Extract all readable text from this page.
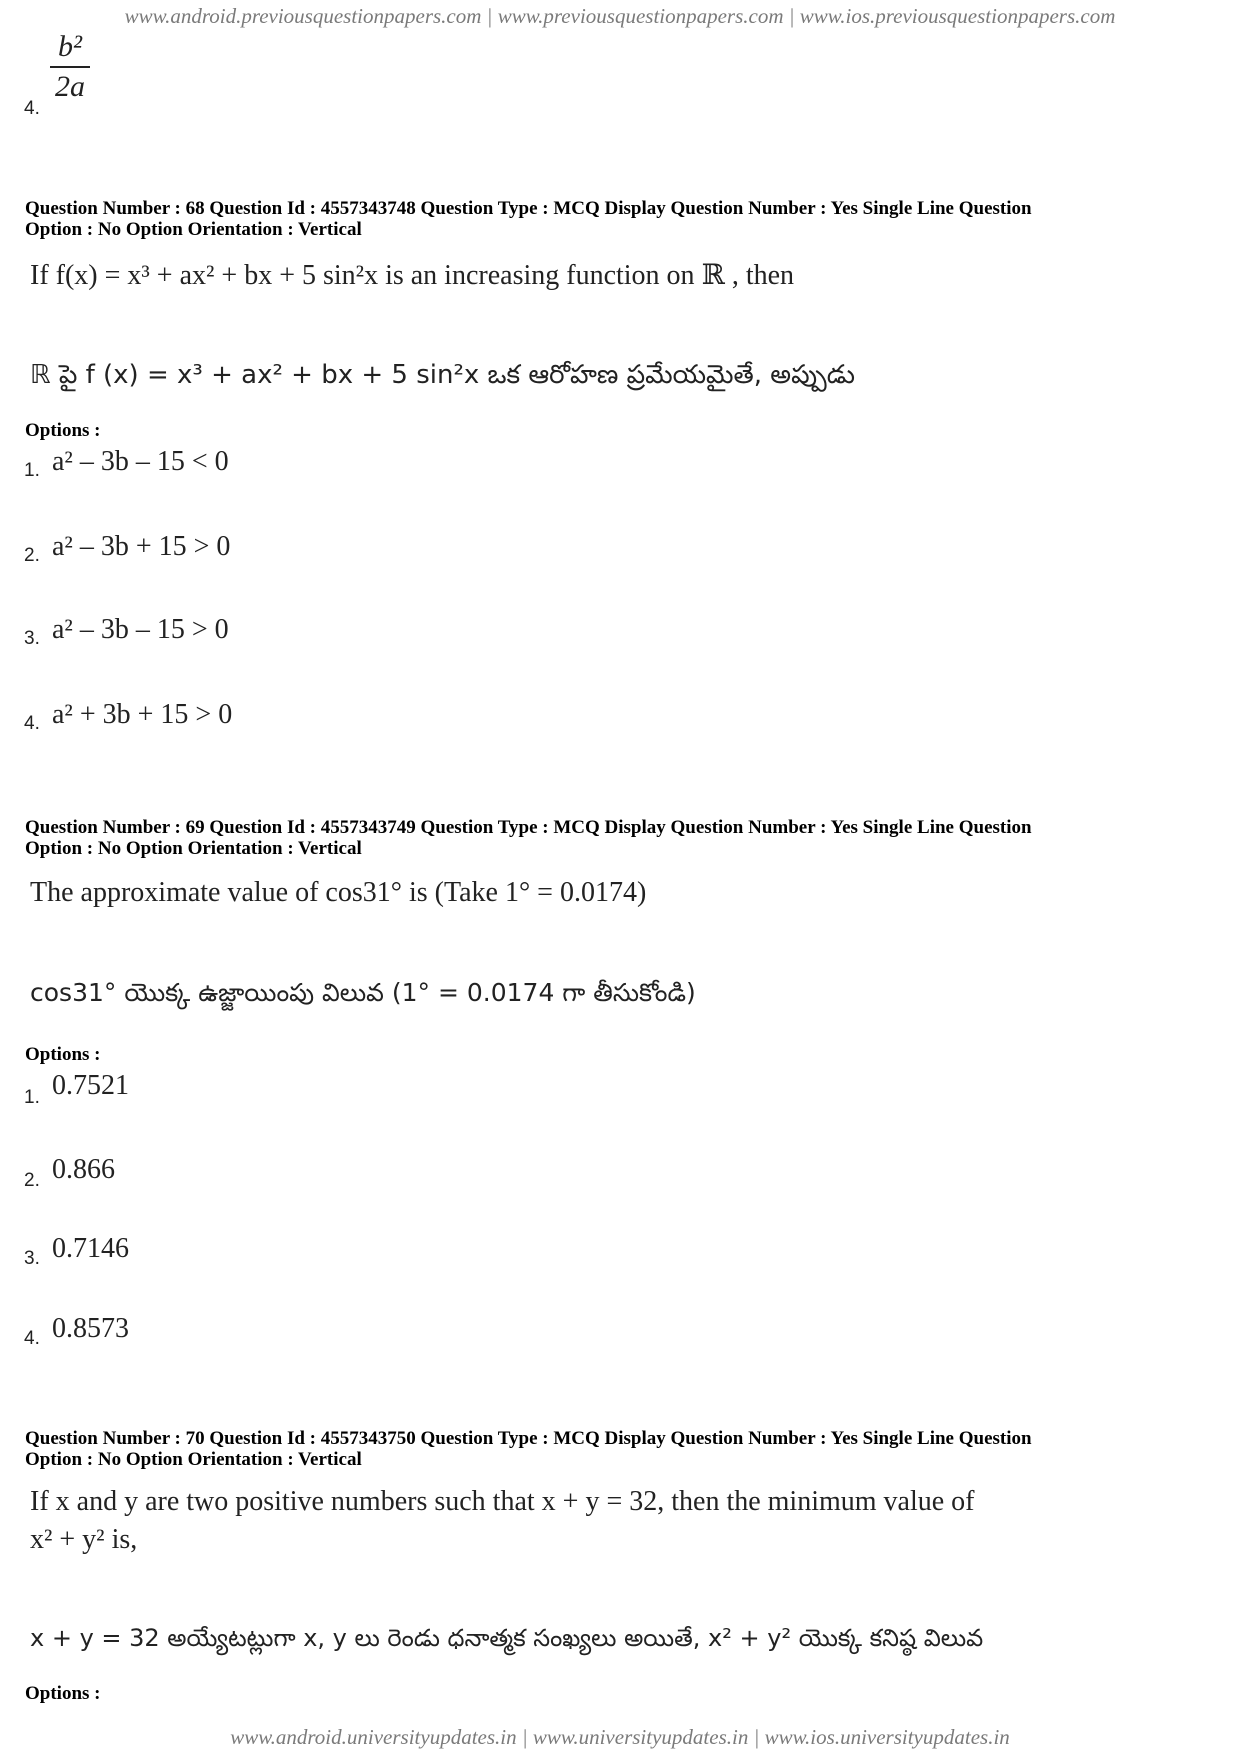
www.android.previousquestionpapers.com | www.previousquestionpapers.com | www.ios.previousquestionpapers.com
4.
b²
2a
Question Number : 68 Question Id : 4557343748 Question Type : MCQ Display Question Number : Yes Single Line Question
Option : No Option Orientation : Vertical
If f(x) = x³ + ax² + bx + 5 sin²x is an increasing function on ℝ , then
ℝ పై f (x) = x³ + ax² + bx + 5 sin²x ఒక ఆరోహణ ప్రమేయమైతే, అప్పుడు
Options :
1. a² – 3b – 15 < 0
2. a² – 3b + 15 > 0
3. a² – 3b – 15 > 0
4. a² + 3b + 15 > 0
Question Number : 69 Question Id : 4557343749 Question Type : MCQ Display Question Number : Yes Single Line Question
Option : No Option Orientation : Vertical
The approximate value of cos31° is (Take 1° = 0.0174)
cos31° యొక్క ఉజ్జాయింపు విలువ (1° = 0.0174 గా తీసుకోండి)
Options :
1. 0.7521
2. 0.866
3. 0.7146
4. 0.8573
Question Number : 70 Question Id : 4557343750 Question Type : MCQ Display Question Number : Yes Single Line Question
Option : No Option Orientation : Vertical
If x and y are two positive numbers such that x + y = 32, then the minimum value of
x² + y² is,
x + y = 32 అయ్యేటట్లుగా x, y లు రెండు ధనాత్మక సంఖ్యలు అయితే, x² + y² యొక్క కనిష్ఠ విలువ
Options :
www.android.universityupdates.in | www.universityupdates.in | www.ios.universityupdates.in
